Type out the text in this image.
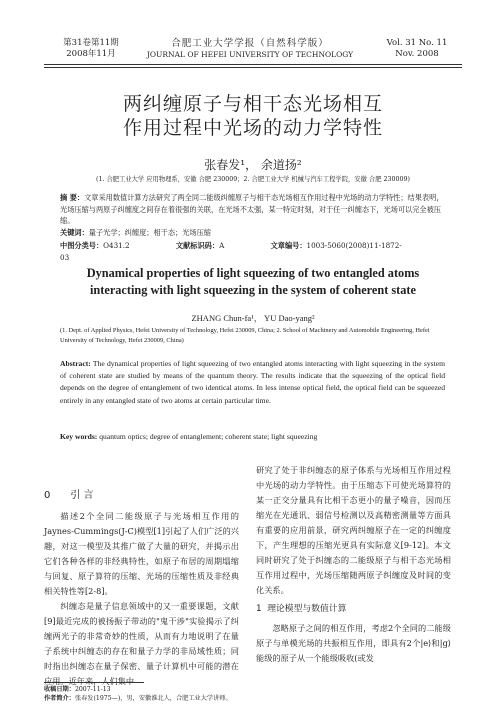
第31卷第11期
2008年11月
合肥工业大学学报（自然科学版）
JOURNAL OF HEFEI UNIVERSITY OF TECHNOLOGY
Vol. 31 No. 11
Nov. 2008
两纠缠原子与相干态光场相互
作用过程中光场的动力学特性
张春发¹， 余道扬²
(1. 合肥工业大学 应用物理系，安徽 合肥 230009；2. 合肥工业大学 机械与汽车工程学院，安徽 合肥 230009)
摘 要：文章采用数值计算方法研究了两全同二能级纠缠原子与相干态光场相互作用过程中光场的动力学特性；结果表明，光场压缩与两原子纠缠度之间存在着很强的关联，在光场不太强，某一特定时刻，对于任一纠缠态下，光场可以完全被压缩。
关键词：量子光学；纠缠度；相干态；光场压缩
中图分类号：O431.2	文献标识码：A	文章编号：1003-5060(2008)11-1872-03
Dynamical properties of light squeezing of two entangled atoms
interacting with light squeezing in the system of coherent state
ZHANG Chun-fa¹， YU Dao-yang²
(1. Dept. of Applied Physics, Hefei University of Technology, Hefei 230009, China; 2. School of Machinery and Automobile Engineering, Hefei University of Technology, Hefei 230009, China)
Abstract: The dynamical properties of light squeezing of two entangled atoms interacting with light squeezing in the system of coherent state are studied by means of the quantum theory. The results indicate that the squeezing of the optical field depends on the degree of entanglement of two identical atoms. In less intense optical field, the optical field can be squeezed entirely in any entangled state of two atoms at certain particular time.
Key words: quantum optics; degree of entanglement; coherent state; light squeezing
0 引 言

描述2个全同二能级原子与光场相互作用的Jaynes-Cummings(J-C)模型[1]引起了人们广泛的兴趣，对这一模型及其推广做了大量的研究，并揭示出它们各种各样的非经典特性，如原子布居的周期塌缩与回复、原子算符的压缩、光场的压缩性质及非经典相关特性等[2-8]。

纠缠态是量子信息领域中的又一重要课题，文献[9]最近完成的被扬振子带动的"鬼干涉"实验揭示了纠缠两光子的非常奇妙的性质，从而有力地说明了在量子系统中纠缠态的存在和量子力学的非局域性质；同时指出纠缠态在量子保密、量子计算机中可能的潜在应用。近年来，人们集中

研究了处于非纠缠态的原子体系与光场相互作用过程中光场的动力学特性。由于压缩态下可使光场算符的某一正交分量具有比相干态更小的量子噪音，因而压缩光在光通讯、弱信号检测以及高精密测量等方面具有重要的应用前景，研究两纠缠原子在一定的纠缠度下，产生理想的压缩光更具有实际意义[9-12]。本文同时研究了处于纠缠态的二能级原子与相干态光场相互作用过程中，光场压缩随两原子纠缠度及时间的变化关系。

1 理论模型与数值计算

忽略原子之间的相互作用，考虑2个全同的二能级原子与单模光场的共振相互作用，即具有2个|e⟩和|g⟩能级的原子从一个能级吸收(或发

收稿日期：2007-11-13
作者简介：张春发(1975—)，男，安徽淮北人，合肥工业大学讲师。
